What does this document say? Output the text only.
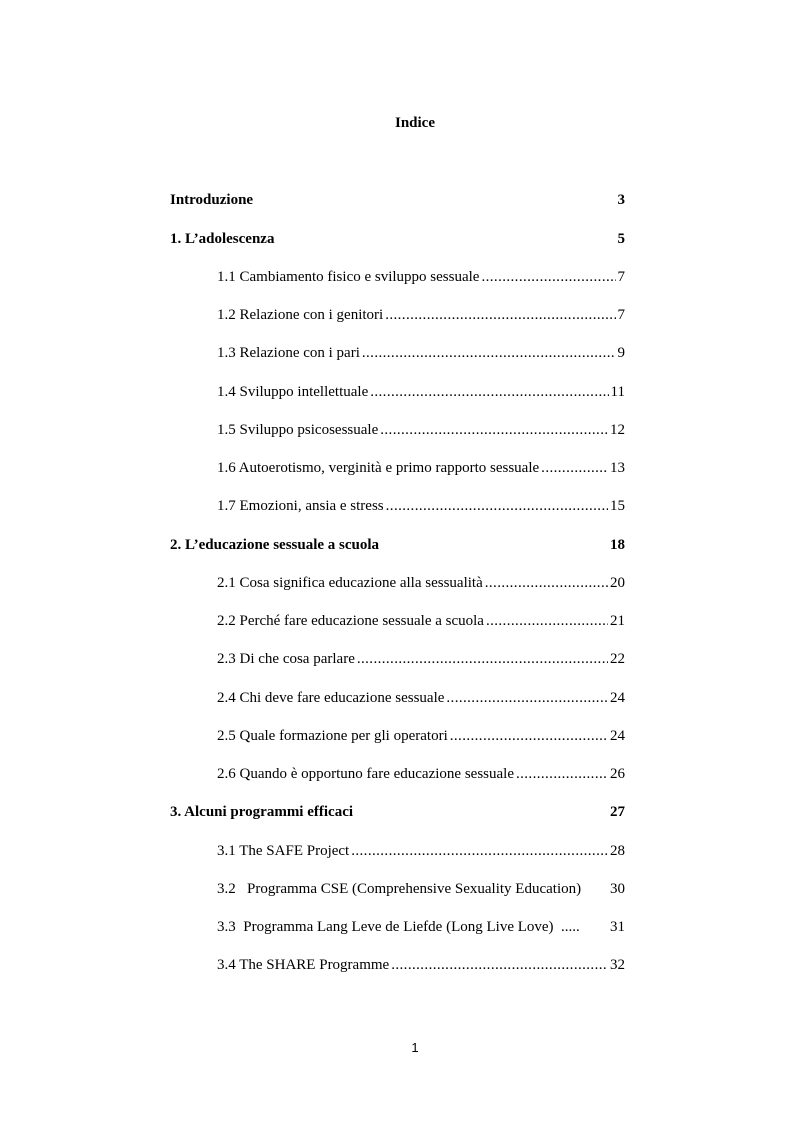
Indice
Introduzione	3
1. L’adolescenza	5
1.1 Cambiamento fisico e sviluppo sessuale .....	7
1.2 Relazione con i genitori .....	7
1.3 Relazione con i pari .....	9
1.4 Sviluppo intellettuale .....	11
1.5 Sviluppo psicosessuale .....	12
1.6 Autoerotismo, verginità e primo rapporto sessuale .....	13
1.7 Emozioni, ansia e stress .....	15
2. L’educazione sessuale a scuola	18
2.1 Cosa significa educazione alla sessualità .....	20
2.2 Perché fare educazione sessuale a scuola .....	21
2.3 Di che cosa parlare .....	22
2.4 Chi deve fare educazione sessuale .....	24
2.5 Quale formazione per gli operatori .....	24
2.6 Quando è opportuno fare educazione sessuale .....	26
3. Alcuni programmi efficaci	27
3.1 The SAFE Project .....	28
3.2   Programma CSE (Comprehensive Sexuality Education) 30
3.3  Programma Lang Leve de Liefde (Long Live Love)  ..... 31
3.4 The SHARE Programme .....	32
1
